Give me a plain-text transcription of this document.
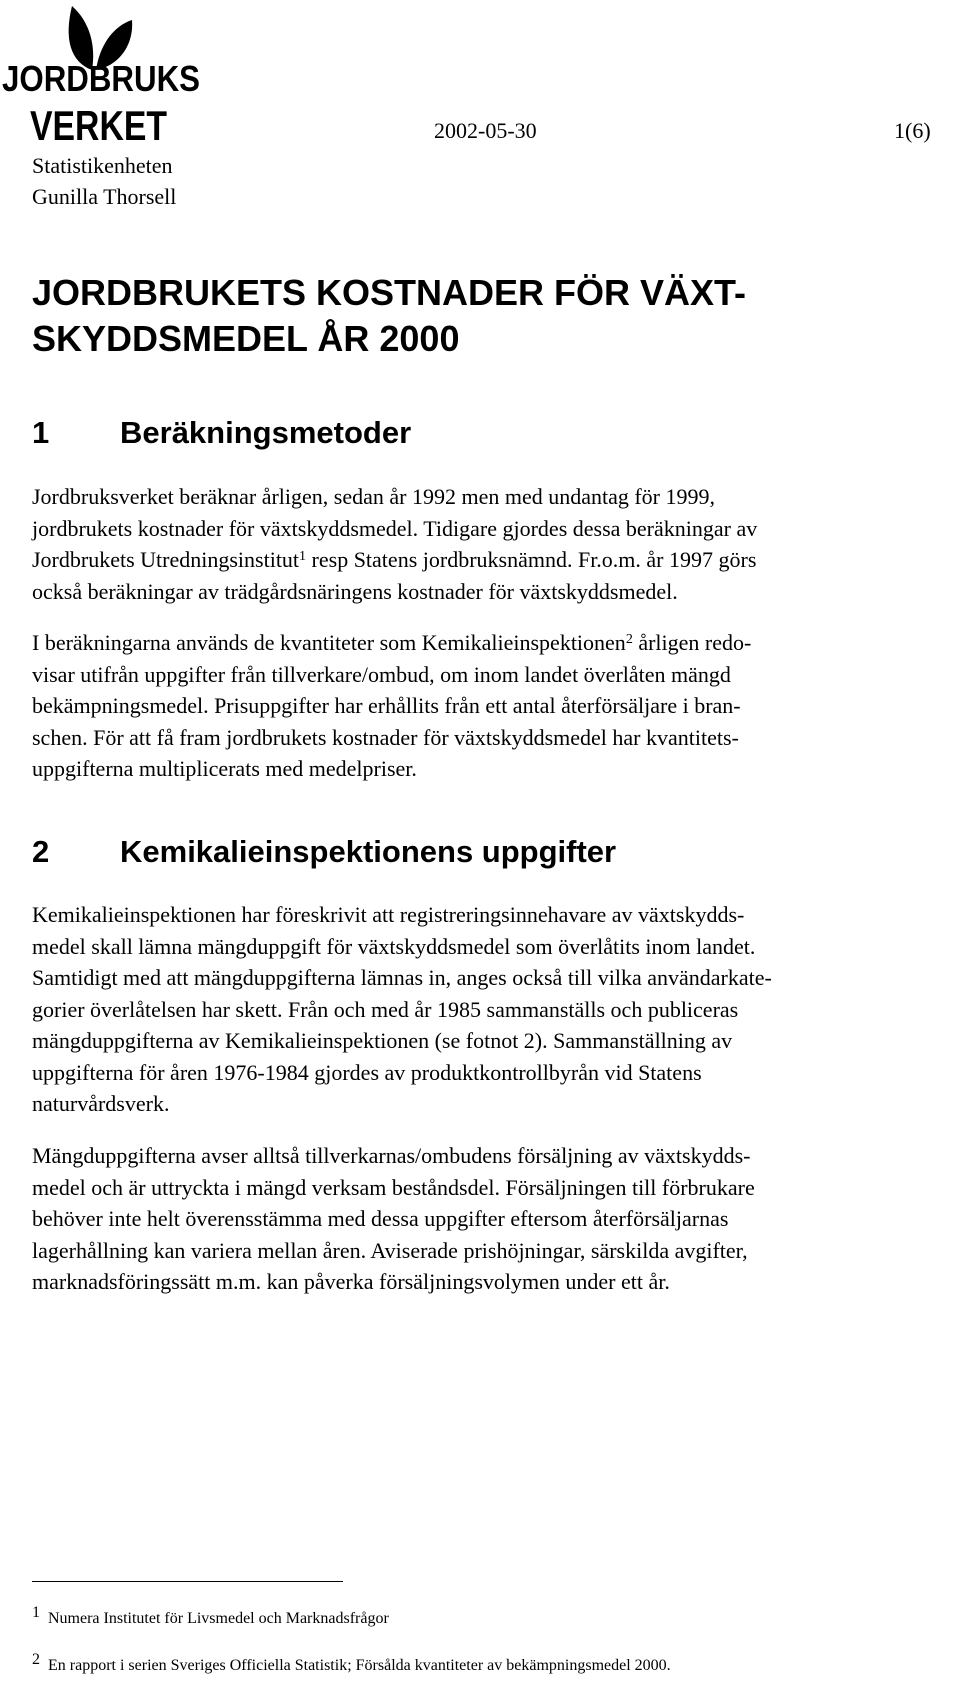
JORDBRUKS
VERKET	2002-05-30	1(6)
Statistikenheten
Gunilla Thorsell
JORDBRUKETS KOSTNADER FÖR VÄXT-
SKYDDSMEDEL ÅR 2000
1 Beräkningsmetoder

Jordbruksverket beräknar årligen, sedan år 1992 men med undantag för 1999,
jordbrukets kostnader för växtskyddsmedel. Tidigare gjordes dessa beräkningar av
Jordbrukets Utredningsinstitut$^1$ resp Statens jordbruksnämnd. Fr.o.m. år 1997 görs
också beräkningar av trädgårdsnäringens kostnader för växtskyddsmedel.

I beräkningarna används de kvantiteter som Kemikalieinspektionen$^2$ årligen redo-
visar utifrån uppgifter från tillverkare/ombud, om inom landet överlåten mängd
bekämpningsmedel. Prisuppgifter har erhållits från ett antal återförsäljare i bran-
schen. För att få fram jordbrukets kostnader för växtskyddsmedel har kvantitets-
uppgifterna multiplicerats med medelpriser.

2 Kemikalieinspektionens uppgifter

Kemikalieinspektionen har föreskrivit att registreringsinnehavare av växtskydds-
medel skall lämna mängduppgift för växtskyddsmedel som överlåtits inom landet.
Samtidigt med att mängduppgifterna lämnas in, anges också till vilka användarkate-
gorier överlåtelsen har skett. Från och med år 1985 sammanställs och publiceras
mängduppgifterna av Kemikalieinspektionen (se fotnot 2). Sammanställning av
uppgifterna för åren 1976-1984 gjordes av produktkontrollbyrån vid Statens
naturvårdsverk.

Mängduppgifterna avser alltså tillverkarnas/ombudens försäljning av växtskydds-
medel och är uttryckta i mängd verksam beståndsdel. Försäljningen till förbrukare
behöver inte helt överensstämma med dessa uppgifter eftersom återförsäljarnas
lagerhållning kan variera mellan åren. Aviserade prishöjningar, särskilda avgifter,
marknadsföringssätt m.m. kan påverka försäljningsvolymen under ett år.

1 Numera Institutet för Livsmedel och Marknadsfrågor
2 En rapport i serien Sveriges Officiella Statistik; Försålda kvantiteter av bekämpningsmedel 2000.
